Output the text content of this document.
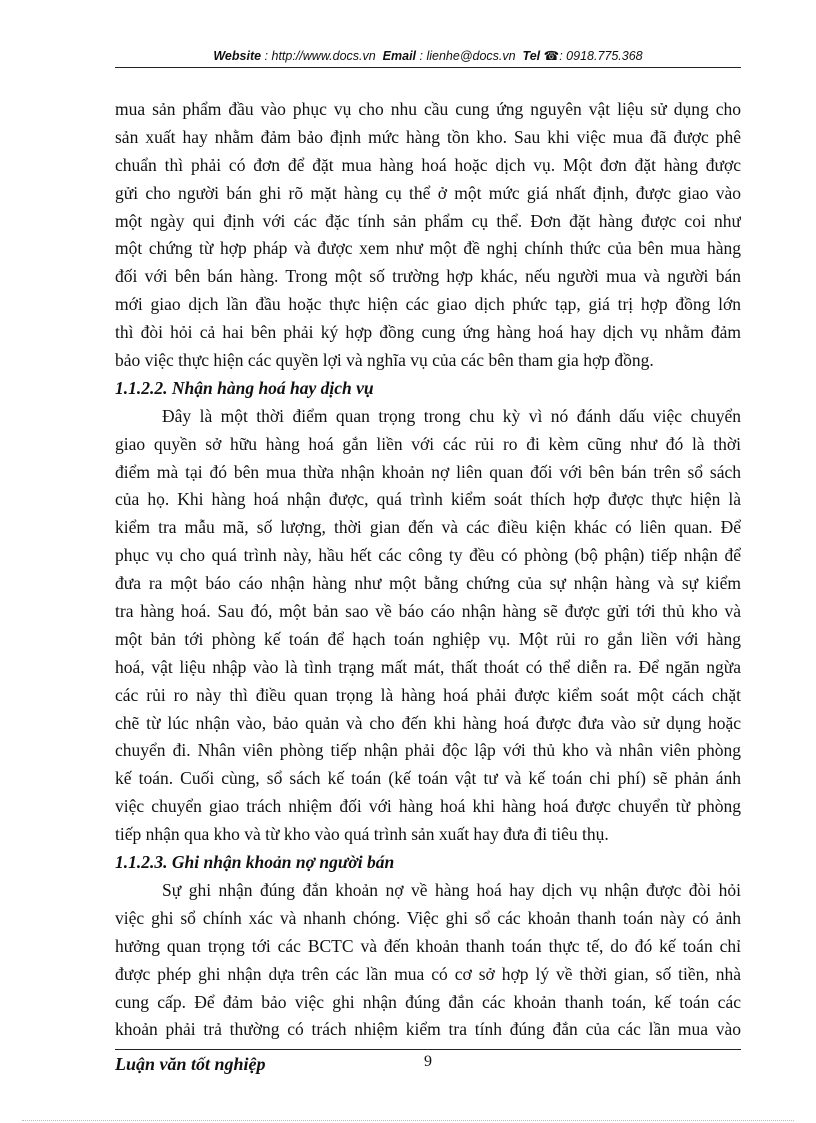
Website : http://www.docs.vn Email : lienhe@docs.vn Tel ☎: 0918.775.368
mua sản phẩm đầu vào phục vụ cho nhu cầu cung ứng nguyên vật liệu sử dụng cho
sản xuất hay nhằm đảm bảo định mức hàng tồn kho. Sau khi việc mua đã được phê
chuẩn thì phải có đơn để đặt mua hàng hoá hoặc dịch vụ. Một đơn đặt hàng được
gửi cho người bán ghi rõ mặt hàng cụ thể ở một mức giá nhất định, được giao vào
một ngày qui định với các đặc tính sản phẩm cụ thể. Đơn đặt hàng được coi như
một chứng từ hợp pháp và được xem như một đề nghị chính thức của bên mua hàng
đối với bên bán hàng. Trong một số trường hợp khác, nếu người mua và người bán
mới giao dịch lần đầu hoặc thực hiện các giao dịch phức tạp, giá trị hợp đồng lớn
thì đòi hỏi cả hai bên phải ký hợp đồng cung ứng hàng hoá hay dịch vụ nhằm đảm
bảo việc thực hiện các quyền lợi và nghĩa vụ của các bên tham gia hợp đồng.
1.1.2.2. Nhận hàng hoá hay dịch vụ
Đây là một thời điểm quan trọng trong chu kỳ vì nó đánh dấu việc chuyển
giao quyền sở hữu hàng hoá gắn liền với các rủi ro đi kèm cũng như đó là thời
điểm mà tại đó bên mua thừa nhận khoản nợ liên quan đối với bên bán trên sổ sách
của họ. Khi hàng hoá nhận được, quá trình kiểm soát thích hợp được thực hiện là
kiểm tra mẫu mã, số lượng, thời gian đến và các điều kiện khác có liên quan. Để
phục vụ cho quá trình này, hầu hết các công ty đều có phòng (bộ phận) tiếp nhận để
đưa ra một báo cáo nhận hàng như một bằng chứng của sự nhận hàng và sự kiểm
tra hàng hoá. Sau đó, một bản sao về báo cáo nhận hàng sẽ được gửi tới thủ kho và
một bản tới phòng kế toán để hạch toán nghiệp vụ. Một rủi ro gắn liền với hàng
hoá, vật liệu nhập vào là tình trạng mất mát, thất thoát có thể diễn ra. Để ngăn ngừa
các rủi ro này thì điều quan trọng là hàng hoá phải được kiểm soát một cách chặt
chẽ từ lúc nhận vào, bảo quản và cho đến khi hàng hoá được đưa vào sử dụng hoặc
chuyển đi. Nhân viên phòng tiếp nhận phải độc lập với thủ kho và nhân viên phòng
kế toán. Cuối cùng, sổ sách kế toán (kế toán vật tư và kế toán chi phí) sẽ phản ánh
việc chuyển giao trách nhiệm đối với hàng hoá khi hàng hoá được chuyển từ phòng
tiếp nhận qua kho và từ kho vào quá trình sản xuất hay đưa đi tiêu thụ.
1.1.2.3. Ghi nhận khoản nợ người bán
Sự ghi nhận đúng đắn khoản nợ về hàng hoá hay dịch vụ nhận được đòi hỏi
việc ghi sổ chính xác và nhanh chóng. Việc ghi sổ các khoản thanh toán này có ảnh
hưởng quan trọng tới các BCTC và đến khoản thanh toán thực tế, do đó kế toán chỉ
được phép ghi nhận dựa trên các lần mua có cơ sở hợp lý về thời gian, số tiền, nhà
cung cấp. Để đảm bảo việc ghi nhận đúng đắn các khoản thanh toán, kế toán các
khoản phải trả thường có trách nhiệm kiểm tra tính đúng đắn của các lần mua vào
Luận văn tốt nghiệp	9
